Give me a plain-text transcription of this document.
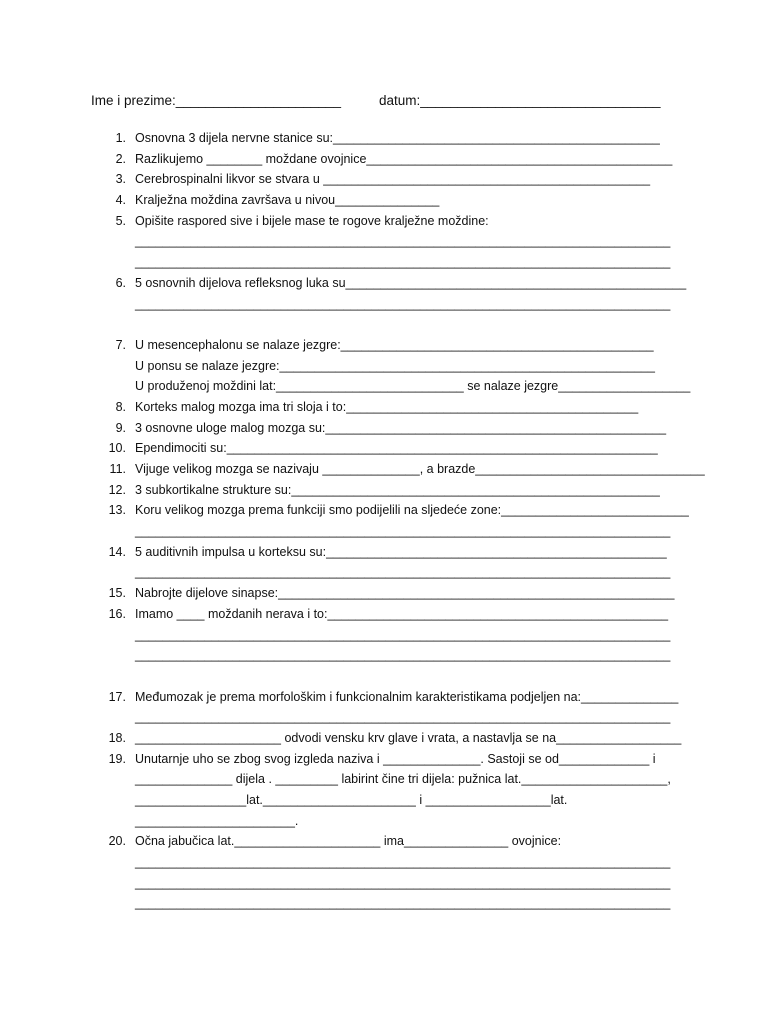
Ime i prezime:______________________	datum:________________________________
1. Osnovna 3 dijela nervne stanice su:_______________________________________________
2. Razlikujemo ________ moždane ovojnice____________________________________________
3. Cerebrospinalni likvor se stvara u _______________________________________________
4. Kralježna moždina završava u nivou_______________
5. Opišite raspored sive i bijele mase te rogove kralježne moždine:
_____________________________________________________________________________
_____________________________________________________________________________
6. 5 osnovnih dijelova refleksnog luka su_________________________________________________
_____________________________________________________________________________
7. U mesencephalonu se nalaze jezgre:_____________________________________________
U ponsu se nalaze jezgre:______________________________________________________
U produženoj moždini lat:___________________________ se nalaze jezgre___________________
8. Korteks malog mozga ima tri sloja i to:__________________________________________
9. 3 osnovne uloge malog mozga su:_________________________________________________
10. Ependimociti su:______________________________________________________________
11. Vijuge velikog mozga se nazivaju ______________, a brazde_________________________________
12. 3 subkortikalne strukture su:_____________________________________________________
13. Koru velikog mozga prema funkciji smo podijelili na sljedeće zone:___________________________
_____________________________________________________________________________
14. 5 auditivnih impulsa u korteksu su:_________________________________________________
_____________________________________________________________________________
15. Nabrojte dijelove sinapse:_________________________________________________________
16. Imamo ____ moždanih nerava i to:_________________________________________________
_____________________________________________________________________________
_____________________________________________________________________________
17. Međumozak je prema morfološkim i funkcionalnim karakteristikama podjeljen na:______________
_____________________________________________________________________________
18. _____________________ odvodi vensku krv glave i vrata, a nastavlja se na__________________
19. Unutarnje uho se zbog svog izgleda naziva i ______________. Sastoji se od_____________ i
______________ dijela . _________ labirint čine tri dijela: pužnica lat._____________________,
________________lat.______________________ i __________________lat.
_______________________.
20. Očna jabučica lat._____________________ ima_______________ ovojnice:
_____________________________________________________________________________
_____________________________________________________________________________
_____________________________________________________________________________
